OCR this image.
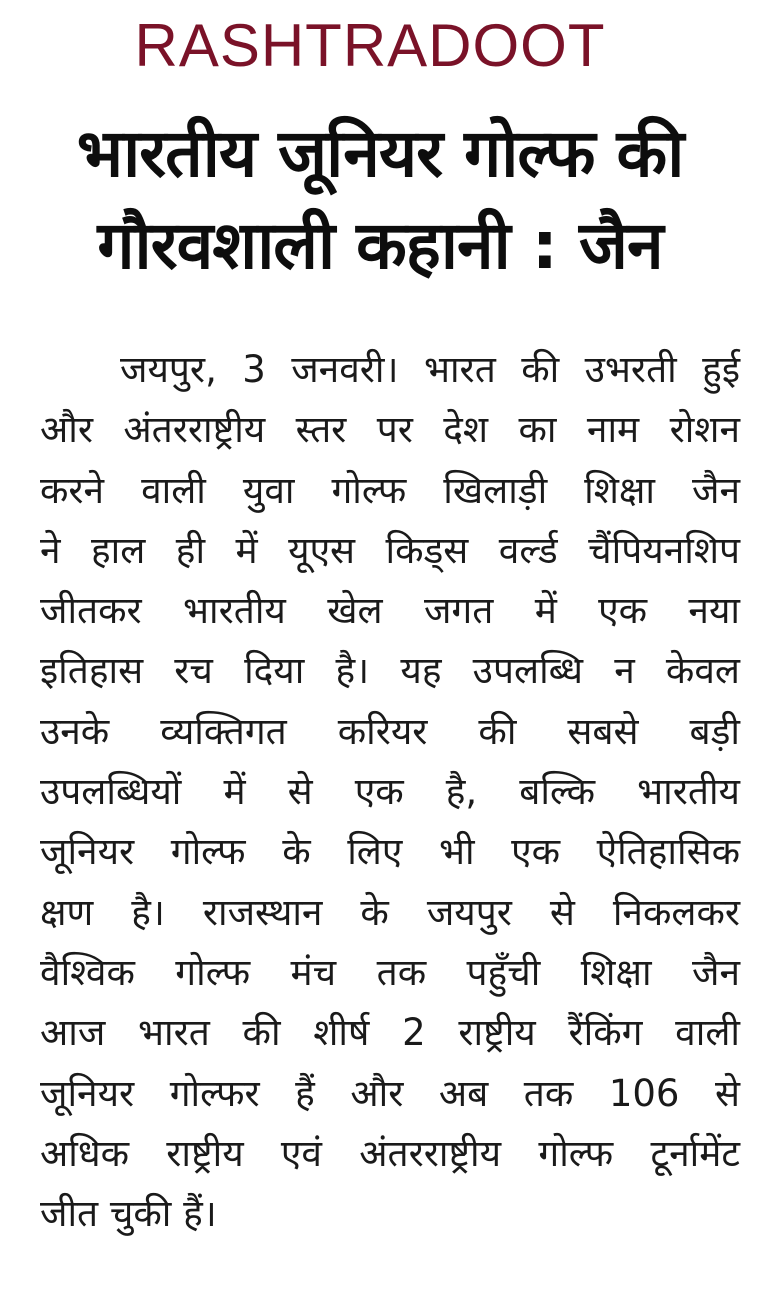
RASHTRADOOT
भारतीय जूनियर गोल्फ की
गौरवशाली कहानी : जैन
जयपुर, 3 जनवरी। भारत की उभरती हुई
और अंतरराष्ट्रीय स्तर पर देश का नाम रोशन
करने वाली युवा गोल्फ खिलाड़ी शिक्षा जैन
ने हाल ही में यूएस किड्स वर्ल्ड चैंपियनशिप
जीतकर भारतीय खेल जगत में एक नया
इतिहास रच दिया है। यह उपलब्धि न केवल
उनके व्यक्तिगत करियर की सबसे बड़ी
उपलब्धियों में से एक है, बल्कि भारतीय
जूनियर गोल्फ के लिए भी एक ऐतिहासिक
क्षण है। राजस्थान के जयपुर से निकलकर
वैश्विक गोल्फ मंच तक पहुँची शिक्षा जैन
आज भारत की शीर्ष 2 राष्ट्रीय रैंकिंग वाली
जूनियर गोल्फर हैं और अब तक 106 से
अधिक राष्ट्रीय एवं अंतरराष्ट्रीय गोल्फ टूर्नामेंट
जीत चुकी हैं।
